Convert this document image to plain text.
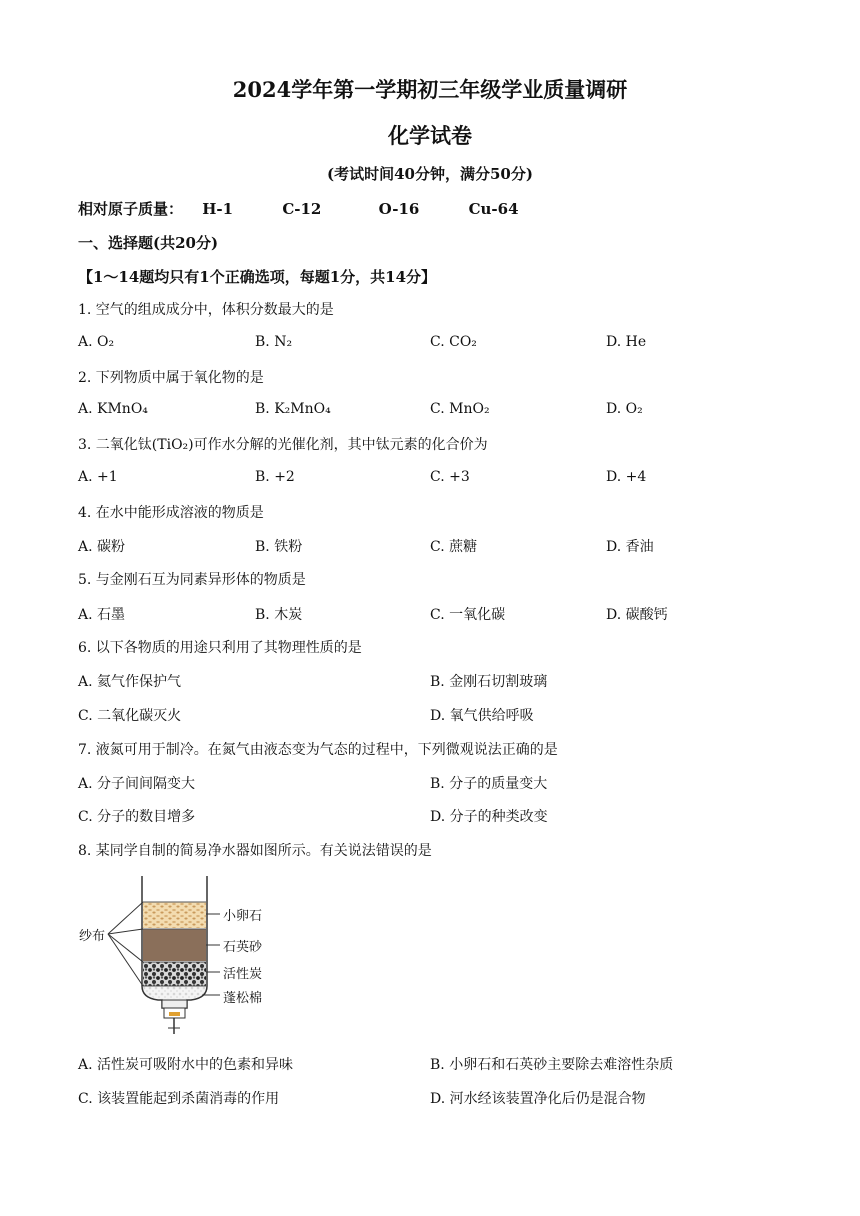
2024学年第一学期初三年级学业质量调研
化学试卷
(考试时间40分钟，满分50分)
相对原子质量： H-1	C-12	O-16	Cu-64
一、选择题(共20分)
【1～14题均只有1个正确选项，每题1分，共14分】
1. 空气的组成成分中，体积分数最大的是
A. O₂	B. N₂	C. CO₂	D. He
2. 下列物质中属于氧化物的是
A. KMnO₄	B. K₂MnO₄	C. MnO₂	D. O₂
3. 二氧化钛(TiO₂)可作水分解的光催化剂，其中钛元素的化合价为
A. +1	B. +2	C. +3	D. +4
4. 在水中能形成溶液的物质是
A. 碳粉	B. 铁粉	C. 蔗糖	D. 香油
5. 与金刚石互为同素异形体的物质是
A. 石墨	B. 木炭	C. 一氧化碳	D. 碳酸钙
6. 以下各物质的用途只利用了其物理性质的是
A. 氦气作保护气	B. 金刚石切割玻璃
C. 二氧化碳灭火	D. 氧气供给呼吸
7. 液氮可用于制冷。在氮气由液态变为气态的过程中，下列微观说法正确的是
A. 分子间间隔变大	B. 分子的质量变大
C. 分子的数目增多	D. 分子的种类改变
8. 某同学自制的简易净水器如图所示。有关说法错误的是
纱布
小卵石
石英砂
活性炭
蓬松棉
A. 活性炭可吸附水中的色素和异味	B. 小卵石和石英砂主要除去难溶性杂质
C. 该装置能起到杀菌消毒的作用	D. 河水经该装置净化后仍是混合物
